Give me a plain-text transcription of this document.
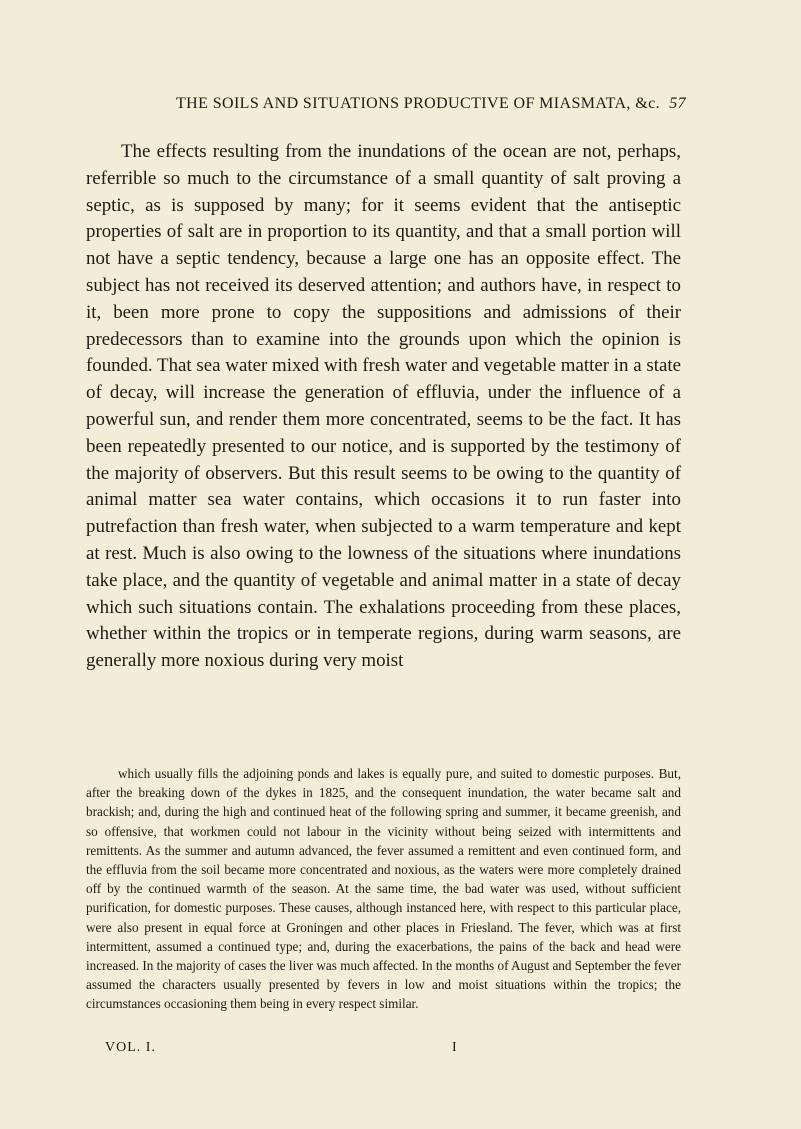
THE SOILS AND SITUATIONS PRODUCTIVE OF MIASMATA, &c. 57

The effects resulting from the inundations of the ocean are not, perhaps, referrible so much to the circumstance of a small quantity of salt proving a septic, as is supposed by many; for it seems evident that the antiseptic properties of salt are in proportion to its quantity, and that a small portion will not have a septic tendency, because a large one has an opposite effect. The subject has not received its deserved attention; and authors have, in respect to it, been more prone to copy the suppositions and admissions of their predecessors than to examine into the grounds upon which the opinion is founded. That sea water mixed with fresh water and vegetable matter in a state of decay, will increase the generation of effluvia, under the influence of a powerful sun, and render them more concentrated, seems to be the fact. It has been repeatedly presented to our notice, and is supported by the testimony of the majority of observers. But this result seems to be owing to the quantity of animal matter sea water contains, which occasions it to run faster into putrefaction than fresh water, when subjected to a warm temperature and kept at rest. Much is also owing to the lowness of the situations where inundations take place, and the quantity of vegetable and animal matter in a state of decay which such situations contain. The exhalations proceeding from these places, whether within the tropics or in temperate regions, during warm seasons, are generally more noxious during very moist

which usually fills the adjoining ponds and lakes is equally pure, and suited to domestic purposes. But, after the breaking down of the dykes in 1825, and the consequent inundation, the water became salt and brackish; and, during the high and continued heat of the following spring and summer, it became greenish, and so offensive, that workmen could not labour in the vicinity without being seized with intermittents and remittents. As the summer and autumn advanced, the fever assumed a remittent and even continued form, and the effluvia from the soil became more concentrated and noxious, as the waters were more completely drained off by the continued warmth of the season. At the same time, the bad water was used, without sufficient purification, for domestic purposes. These causes, although instanced here, with respect to this particular place, were also present in equal force at Groningen and other places in Friesland. The fever, which was at first intermittent, assumed a continued type; and, during the exacerbations, the pains of the back and head were increased. In the majority of cases the liver was much affected. In the months of August and September the fever assumed the characters usually presented by fevers in low and moist situations within the tropics; the circumstances occasioning them being in every respect similar.

VOL. I.	I
